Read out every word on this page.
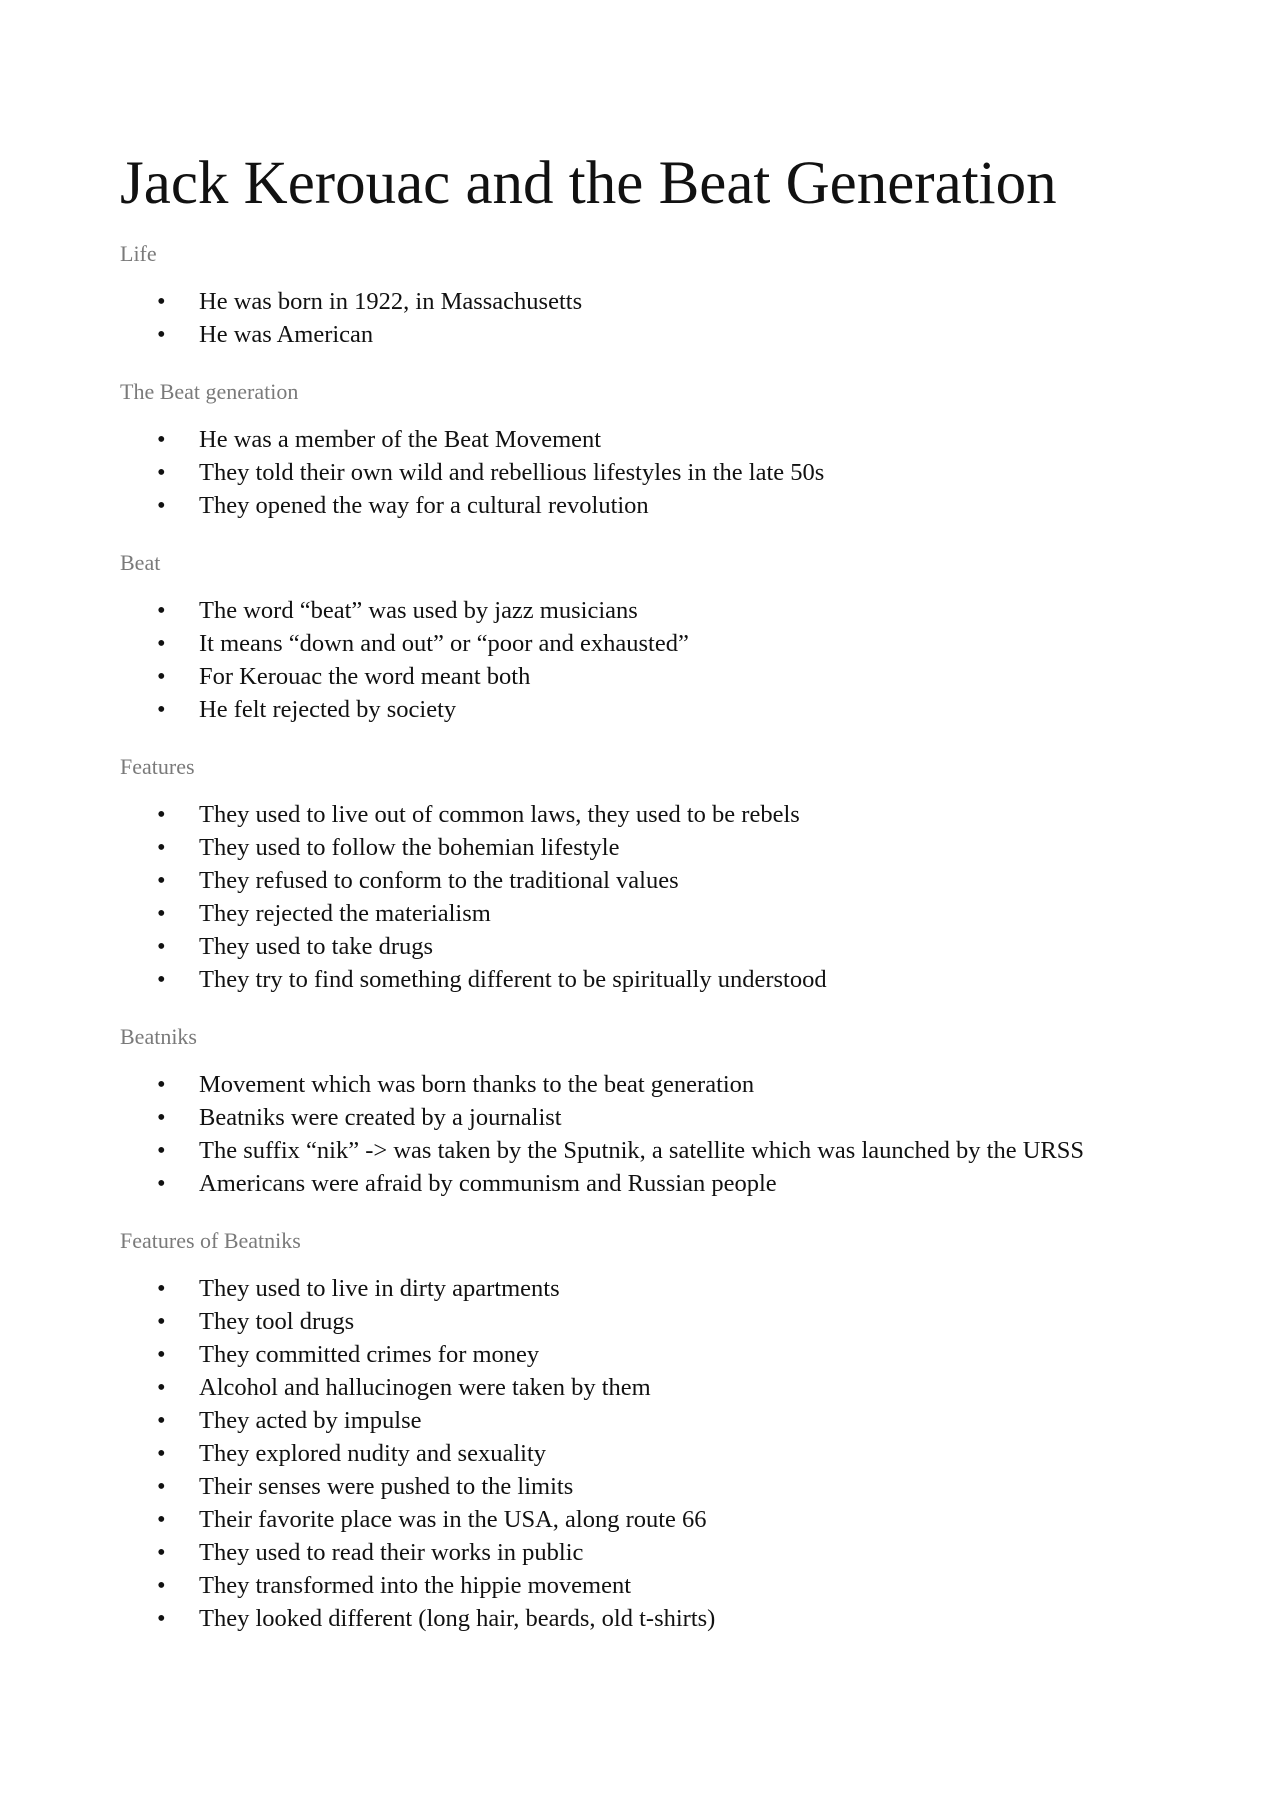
Jack Kerouac and the Beat Generation
Life
• He was born in 1922, in Massachusetts
• He was American
The Beat generation
• He was a member of the Beat Movement
• They told their own wild and rebellious lifestyles in the late 50s
• They opened the way for a cultural revolution
Beat
• The word “beat” was used by jazz musicians
• It means “down and out” or “poor and exhausted”
• For Kerouac the word meant both
• He felt rejected by society
Features
• They used to live out of common laws, they used to be rebels
• They used to follow the bohemian lifestyle
• They refused to conform to the traditional values
• They rejected the materialism
• They used to take drugs
• They try to find something different to be spiritually understood
Beatniks
• Movement which was born thanks to the beat generation
• Beatniks were created by a journalist
• The suffix “nik” -> was taken by the Sputnik, a satellite which was launched by the URSS
• Americans were afraid by communism and Russian people
Features of Beatniks
• They used to live in dirty apartments
• They tool drugs
• They committed crimes for money
• Alcohol and hallucinogen were taken by them
• They acted by impulse
• They explored nudity and sexuality
• Their senses were pushed to the limits
• Their favorite place was in the USA, along route 66
• They used to read their works in public
• They transformed into the hippie movement
• They looked different (long hair, beards, old t-shirts)
